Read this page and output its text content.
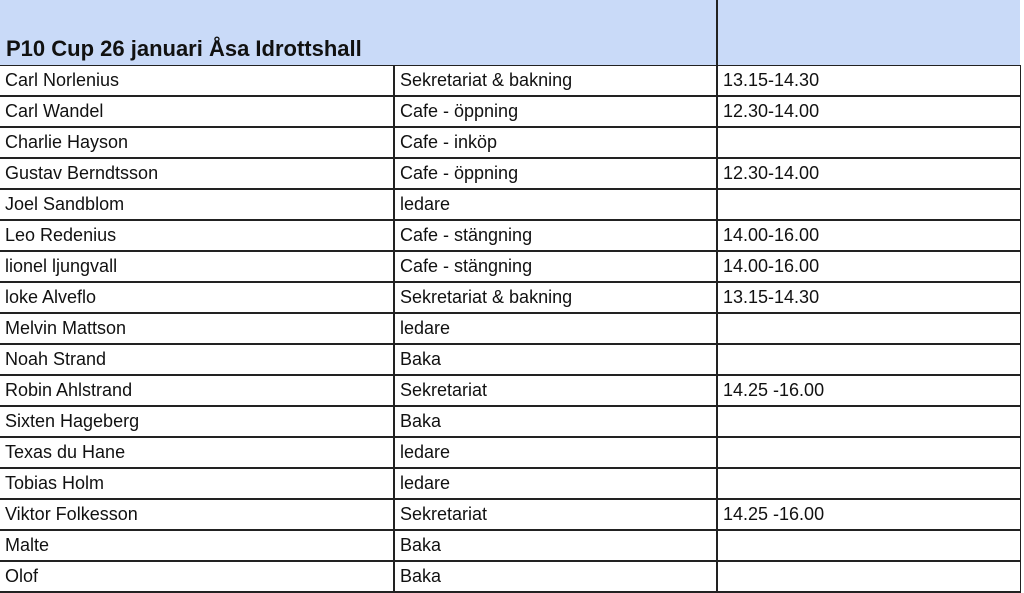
P10 Cup 26 januari Åsa Idrottshall		
Carl Norlenius	Sekretariat & bakning	13.15-14.30
Carl Wandel	Cafe - öppning	12.30-14.00
Charlie Hayson	Cafe - inköp	
Gustav Berndtsson	Cafe - öppning	12.30-14.00
Joel Sandblom	ledare	
Leo Redenius	Cafe - stängning	14.00-16.00
lionel ljungvall	Cafe - stängning	14.00-16.00
loke Alveflo	Sekretariat & bakning	13.15-14.30
Melvin Mattson	ledare	
Noah Strand	Baka	
Robin Ahlstrand	Sekretariat	14.25 -16.00
Sixten Hageberg	Baka	
Texas du Hane	ledare	
Tobias Holm	ledare	
Viktor Folkesson	Sekretariat	14.25 -16.00
Malte	Baka	
Olof	Baka	
